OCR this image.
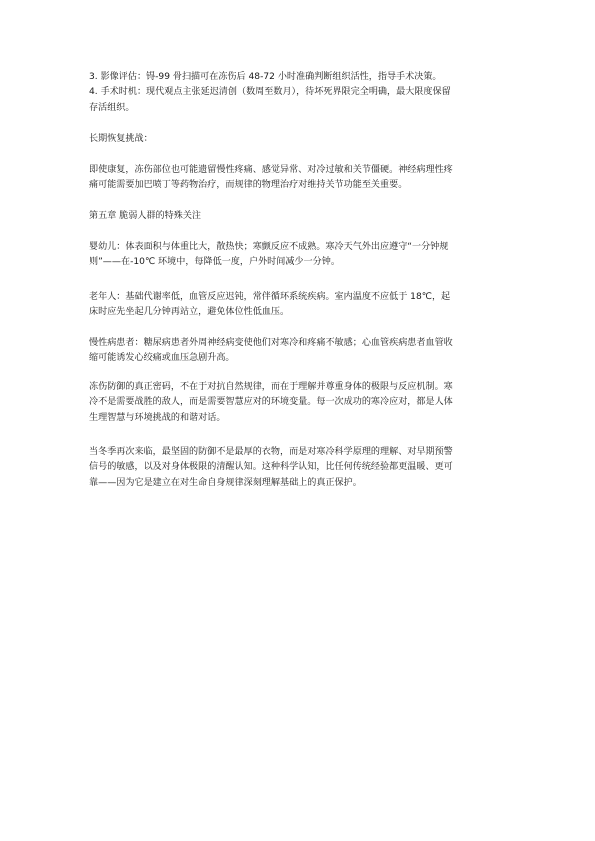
3. 影像评估：锝-99 骨扫描可在冻伤后 48-72 小时准确判断组织活性，指导手术决策。
4. 手术时机：现代观点主张延迟清创（数周至数月），待坏死界限完全明确，最大限度保留
存活组织。

长期恢复挑战：

即使康复，冻伤部位也可能遗留慢性疼痛、感觉异常、对冷过敏和关节僵硬。神经病理性疼
痛可能需要加巴喷丁等药物治疗，而规律的物理治疗对维持关节功能至关重要。

第五章 脆弱人群的特殊关注

婴幼儿：体表面积与体重比大，散热快；寒颤反应不成熟。寒冷天气外出应遵守“一分钟规
则”——在-10℃ 环境中，每降低一度，户外时间减少一分钟。

老年人：基础代谢率低，血管反应迟钝，常伴循环系统疾病。室内温度不应低于 18℃，起
床时应先坐起几分钟再站立，避免体位性低血压。

慢性病患者：糖尿病患者外周神经病变使他们对寒冷和疼痛不敏感；心血管疾病患者血管收
缩可能诱发心绞痛或血压急剧升高。

冻伤防御的真正密码，不在于对抗自然规律，而在于理解并尊重身体的极限与反应机制。寒
冷不是需要战胜的敌人，而是需要智慧应对的环境变量。每一次成功的寒冷应对，都是人体
生理智慧与环境挑战的和谐对话。

当冬季再次来临，最坚固的防御不是最厚的衣物，而是对寒冷科学原理的理解、对早期预警
信号的敏感，以及对身体极限的清醒认知。这种科学认知，比任何传统经验都更温暖、更可
靠——因为它是建立在对生命自身规律深刻理解基础上的真正保护。
